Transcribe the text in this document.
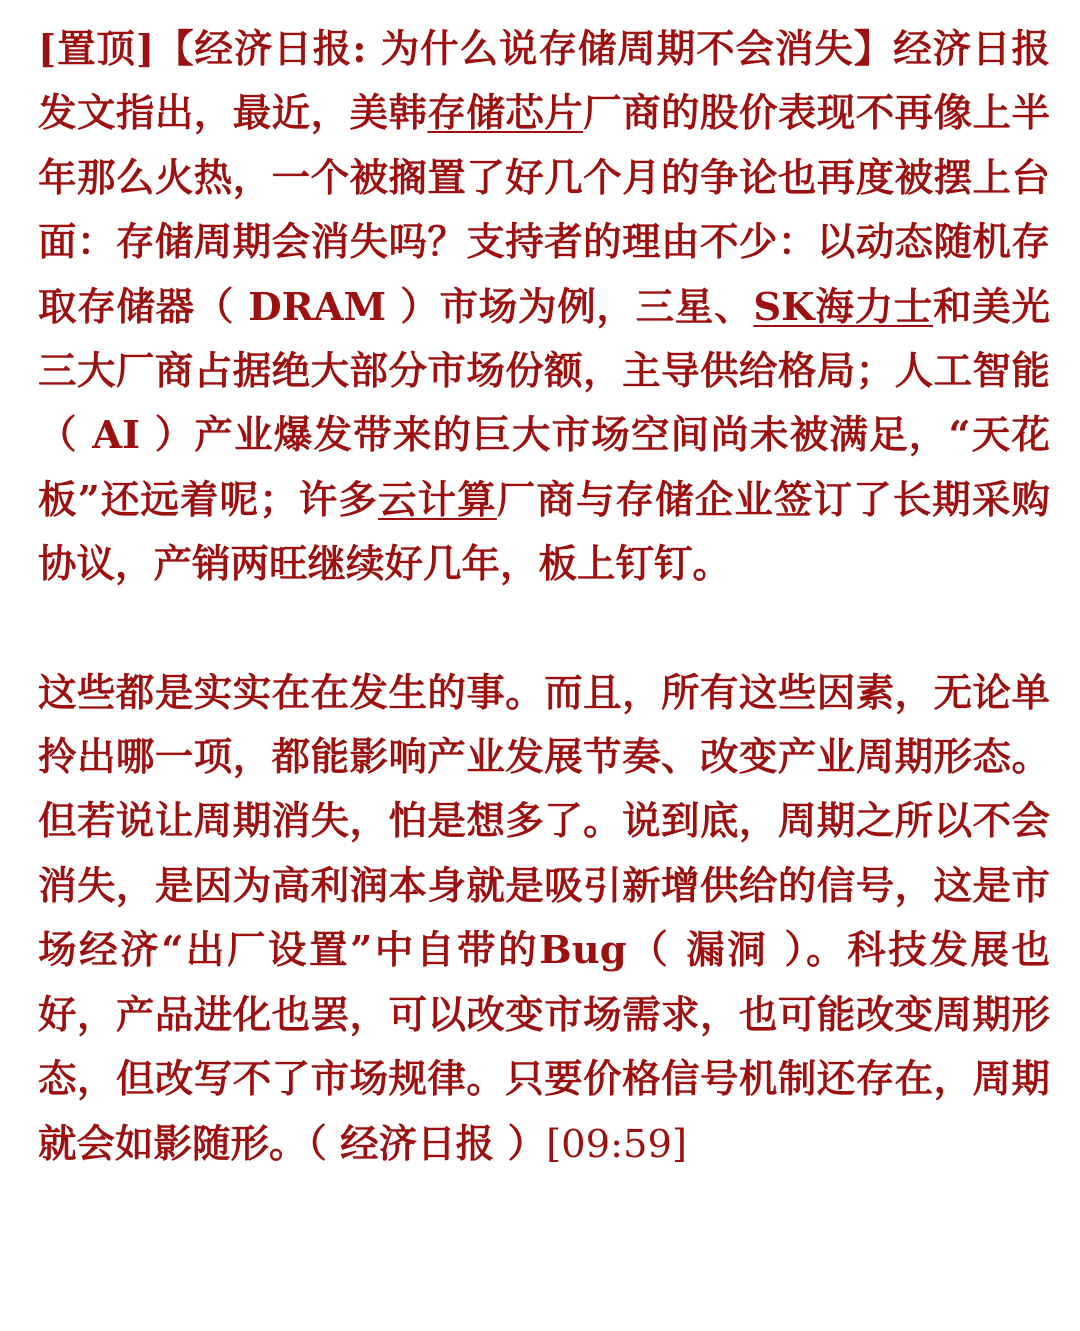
[置顶]【经济日报: 为什么说存储周期不会消失】经济日报发文指出，最近，美韩存储芯片厂商的股价表现不再像上半年那么火热，一个被搁置了好几个月的争论也再度被摆上台面：存储周期会消失吗？支持者的理由不少：以动态随机存取存储器（ DRAM ）市场为例，三星、SK海力士和美光三大厂商占据绝大部分市场份额，主导供给格局；人工智能（ AI ）产业爆发带来的巨大市场空间尚未被满足，“天花板”还远着呢；许多云计算厂商与存储企业签订了长期采购协议，产销两旺继续好几年，板上钉钉。

这些都是实实在在发生的事。而且，所有这些因素，无论单拎出哪一项，都能影响产业发展节奏、改变产业周期形态。但若说让周期消失，怕是想多了。说到底，周期之所以不会消失，是因为高利润本身就是吸引新增供给的信号，这是市场经济“出厂设置”中自带的Bug（ 漏洞 ）。科技发展也好，产品进化也罢，可以改变市场需求，也可能改变周期形态，但改写不了市场规律。只要价格信号机制还存在，周期就会如影随形。（ 经济日报 ）[09:59]
